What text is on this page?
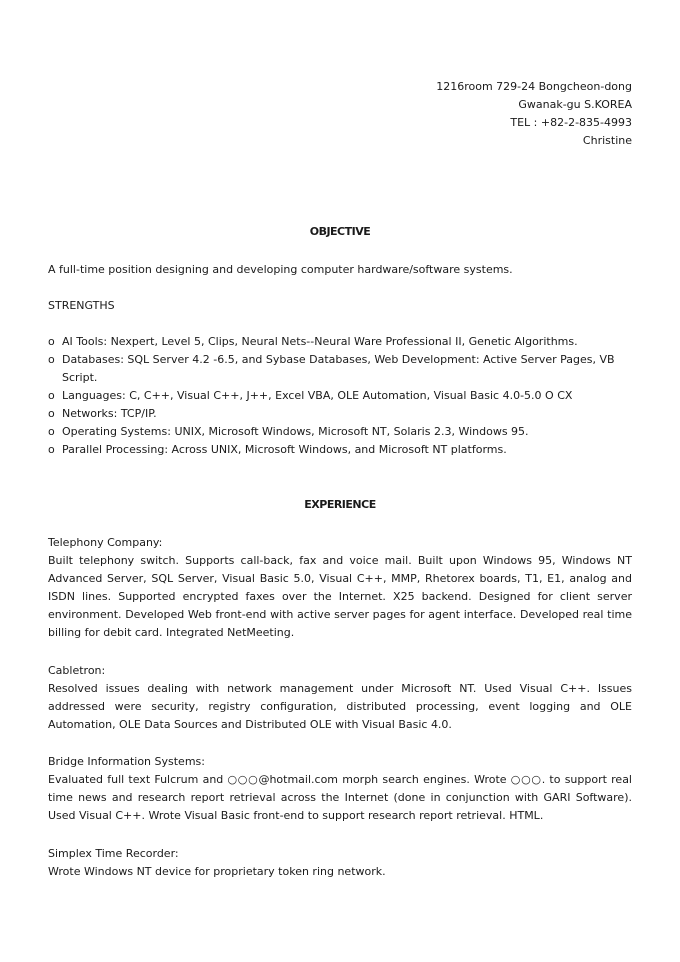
1216room 729-24 Bongcheon-dong
Gwanak-gu S.KOREA
TEL : +82-2-835-4993
Christine
OBJECTIVE
A full-time position designing and developing computer hardware/software systems.
STRENGTHS
o AI Tools: Nexpert, Level 5, Clips, Neural Nets--Neural Ware Professional II, Genetic Algorithms.
o Databases: SQL Server 4.2 -6.5, and Sybase Databases, Web Development: Active Server Pages, VB Script.
o Languages: C, C++, Visual C++, J++, Excel VBA, OLE Automation, Visual Basic 4.0-5.0 O CX
o Networks: TCP/IP.
o Operating Systems: UNIX, Microsoft Windows, Microsoft NT, Solaris 2.3, Windows 95.
o Parallel Processing: Across UNIX, Microsoft Windows, and Microsoft NT platforms.
EXPERIENCE
Telephony Company:
Built telephony switch. Supports call-back, fax and voice mail. Built upon Windows 95, Windows NT Advanced Server, SQL Server, Visual Basic 5.0, Visual C++, MMP, Rhetorex boards, T1, E1, analog and ISDN lines. Supported encrypted faxes over the Internet. X25 backend. Designed for client server environment. Developed Web front-end with active server pages for agent interface. Developed real time billing for debit card. Integrated NetMeeting.
Cabletron:
Resolved issues dealing with network management under Microsoft NT. Used Visual C++. Issues addressed were security, registry configuration, distributed processing, event logging and OLE Automation, OLE Data Sources and Distributed OLE with Visual Basic 4.0.
Bridge Information Systems:
Evaluated full text Fulcrum and ○○○@hotmail.com morph search engines. Wrote ○○○. to support real time news and research report retrieval across the Internet (done in conjunction with GARI Software). Used Visual C++. Wrote Visual Basic front-end to support research report retrieval. HTML.
Simplex Time Recorder:
Wrote Windows NT device for proprietary token ring network.
